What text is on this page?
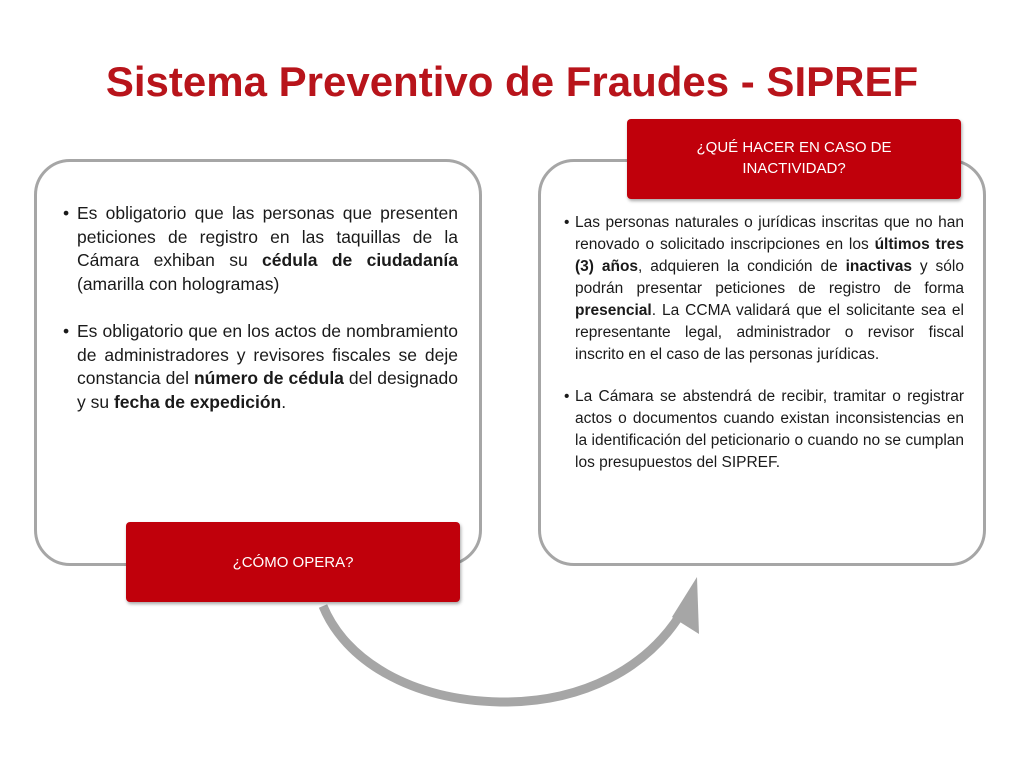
Sistema Preventivo de Fraudes - SIPREF
• Es obligatorio que las personas que presenten peticiones de registro en las taquillas de la Cámara exhiban su cédula de ciudadanía (amarilla con hologramas)
• Es obligatorio que en los actos de nombramiento de administradores y revisores fiscales se deje constancia del número de cédula del designado y su fecha de expedición.
• Las personas naturales o jurídicas inscritas que no han renovado o solicitado inscripciones en los últimos tres (3) años, adquieren la condición de inactivas y sólo podrán presentar peticiones de registro de forma presencial. La CCMA validará que el solicitante sea el representante legal, administrador o revisor fiscal inscrito en el caso de las personas jurídicas.
• La Cámara se abstendrá de recibir, tramitar o registrar actos o documentos cuando existan inconsistencias en la identificación del peticionario o cuando no se cumplan los presupuestos del SIPREF.
¿CÓMO OPERA?
¿QUÉ HACER EN CASO DE INACTIVIDAD?
